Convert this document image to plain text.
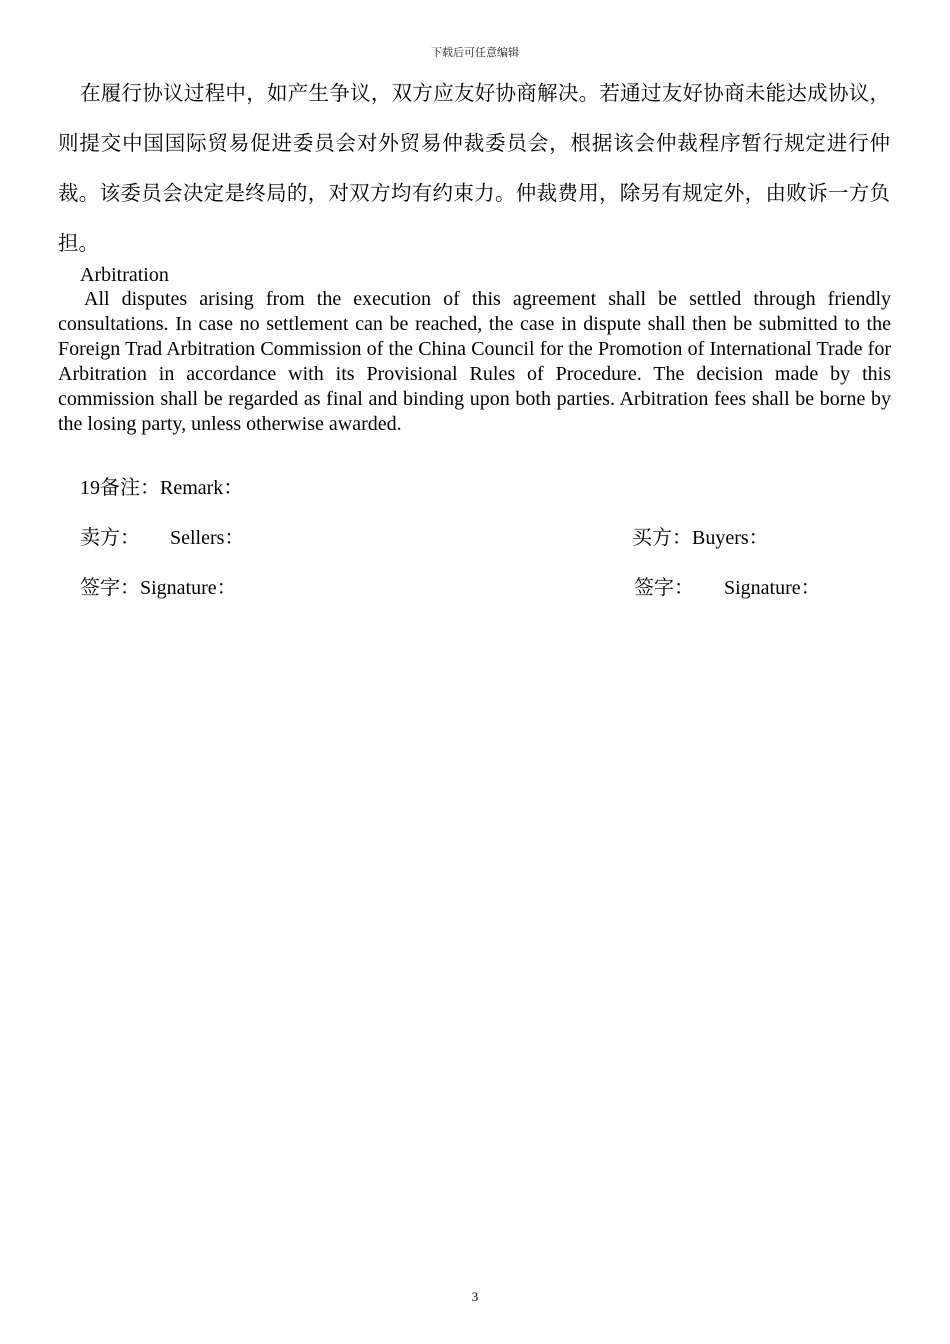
下载后可任意编辑
在履行协议过程中，如产生争议，双方应友好协商解决。若通过友好协商未能达成协议，则提交中国国际贸易促进委员会对外贸易仲裁委员会，根据该会仲裁程序暂行规定进行仲裁。该委员会决定是终局的，对双方均有约束力。仲裁费用，除另有规定外，由败诉一方负担。
Arbitration
All disputes arising from the execution of this agreement shall be settled through friendly consultations. In case no settlement can be reached, the case in dispute shall then be submitted to the Foreign Trad Arbitration Commission of the China Council for the Promotion of International Trade for Arbitration in accordance with its Provisional Rules of Procedure. The decision made by this commission shall be regarded as final and binding upon both parties. Arbitration fees shall be borne by the losing party, unless otherwise awarded.
19备注：Remark：
卖方： Sellers：	买方：Buyers：
签字：Signature：	签字： Signature：
3
